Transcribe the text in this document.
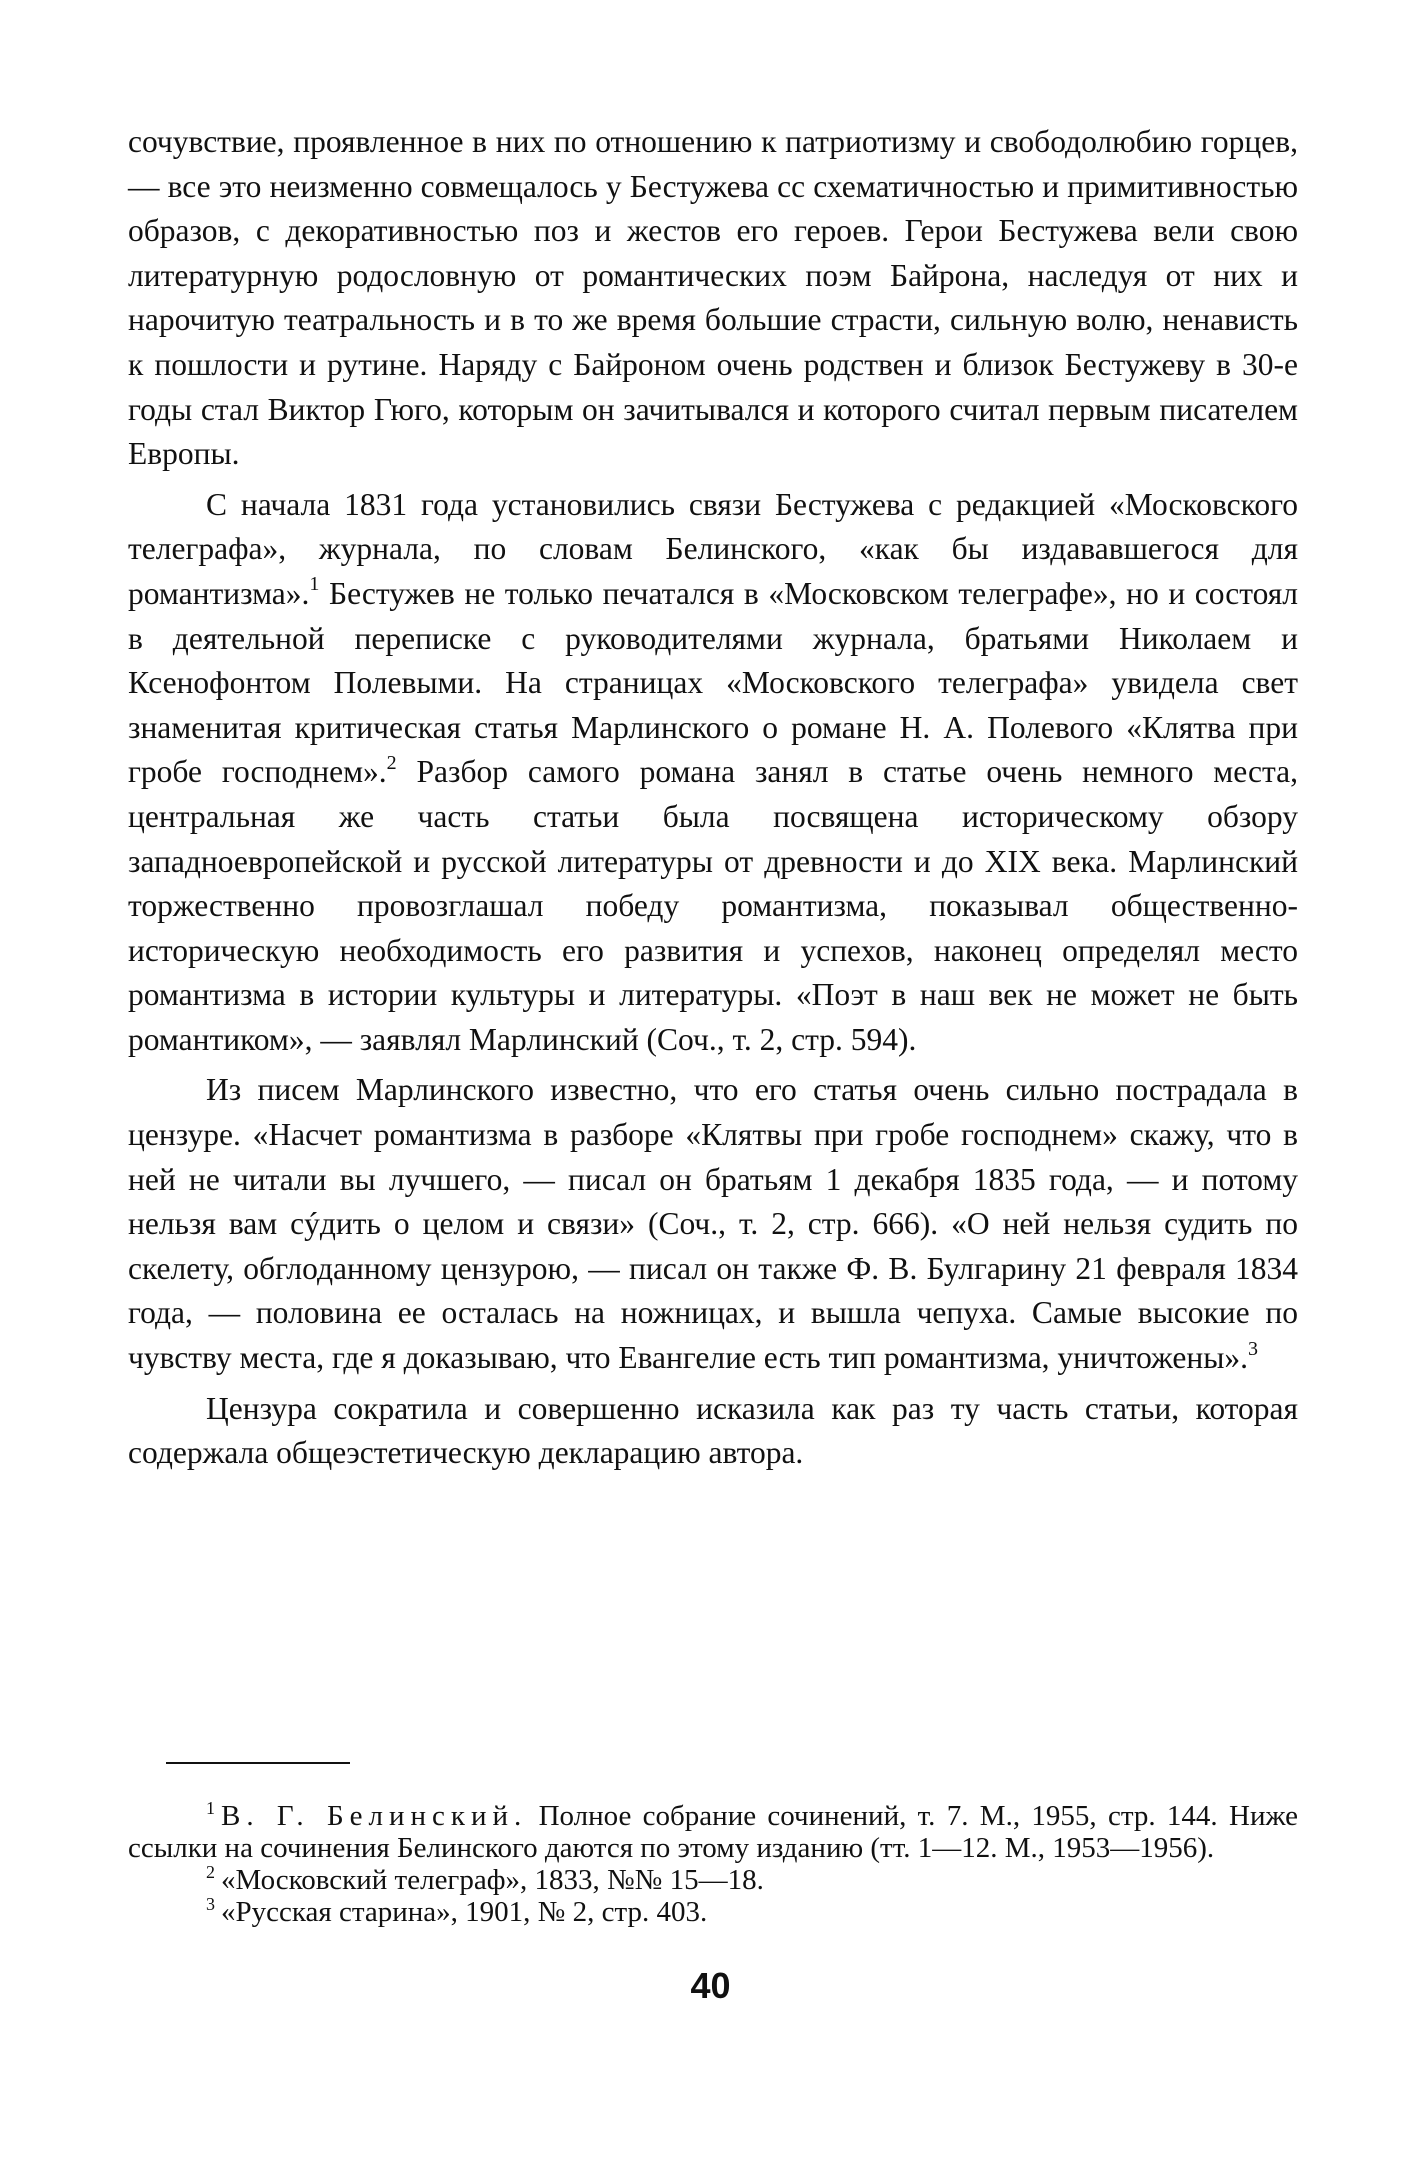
сочувствие, проявленное в них по отношению к патриотизму и свободолюбию горцев, — все это неизменно совмещалось у Бестужева сс схематичностью и примитивностью образов, с декоративностью поз и жестов его героев. Герои Бестужева вели свою литературную родословную от романтических поэм Байрона, наследуя от них и нарочитую театральность и в то же время большие страсти, сильную волю, ненависть к пошлости и рутине. Наряду с Байроном очень родствен и близок Бестужеву в 30-е годы стал Виктор Гюго, которым он зачитывался и которого считал первым писателем Европы.

С начала 1831 года установились связи Бестужева с редакцией «Московского телеграфа», журнала, по словам Белинского, «как бы издававшегося для романтизма».$^1$ Бестужев не только печатался в «Московском телеграфе», но и состоял в деятельной переписке с руководителями журнала, братьями Николаем и Ксенофонтом Полевыми. На страницах «Московского телеграфа» увидела свет знаменитая критическая статья Марлинского о романе Н. А. Полевого «Клятва при гробе господнем».$^2$ Разбор самого романа занял в статье очень немного места, центральная же часть статьи была посвящена историческому обзору западноевропейской и русской литературы от древности и до XIX века. Марлинский торжественно провозглашал победу романтизма, показывал общественно-историческую необходимость его развития и успехов, наконец определял место романтизма в истории культуры и литературы. «Поэт в наш век не может не быть романтиком», — заявлял Марлинский (Соч., т. 2, стр. 594).

Из писем Марлинского известно, что его статья очень сильно пострадала в цензуре. «Насчет романтизма в разборе «Клятвы при гробе господнем» скажу, что в ней не читали вы лучшего, — писал он братьям 1 декабря 1835 года, — и потому нельзя вам сýдить о целом и связи» (Соч., т. 2, стр. 666). «О ней нельзя судить по скелету, обглоданному цензурою, — писал он также Ф. В. Булгарину 21 февраля 1834 года, — половина ее осталась на ножницах, и вышла чепуха. Самые высокие по чувству места, где я доказываю, что Евангелие есть тип романтизма, уничтожены».$^3$

Цензура сократила и совершенно исказила как раз ту часть статьи, которая содержала общеэстетическую декларацию автора.

$^1$ В. Г. Белинский. Полное собрание сочинений, т. 7. М., 1955, стр. 144. Ниже ссылки на сочинения Белинского даются по этому изданию (тт. 1—12. М., 1953—1956).

$^2$ «Московский телеграф», 1833, №№ 15—18.

$^3$ «Русская старина», 1901, № 2, стр. 403.

40
